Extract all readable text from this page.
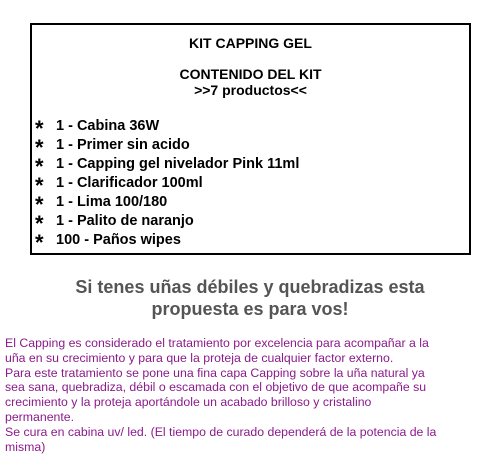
KIT CAPPING GEL

CONTENIDO DEL KIT

>>7 productos<<

* 1 - Cabina 36W
* 1 - Primer sin acido
* 1 - Capping gel nivelador Pink 11ml
* 1 - Clarificador 100ml
* 1 - Lima 100/180
* 1 - Palito de naranjo
* 100 - Paños wipes

Si tenes uñas débiles y quebradizas esta
propuesta es para vos!

El Capping es considerado el tratamiento por excelencia para acompañar a la
uña en su crecimiento y para que la proteja de cualquier factor externo.
Para este tratamiento se pone una fina capa Capping sobre la uña natural ya
sea sana, quebradiza, débil o escamada con el objetivo de que acompañe su
crecimiento y la proteja aportándole un acabado brilloso y cristalino
permanente.
Se cura en cabina uv/ led. (El tiempo de curado dependerá de la potencia de la
misma)
